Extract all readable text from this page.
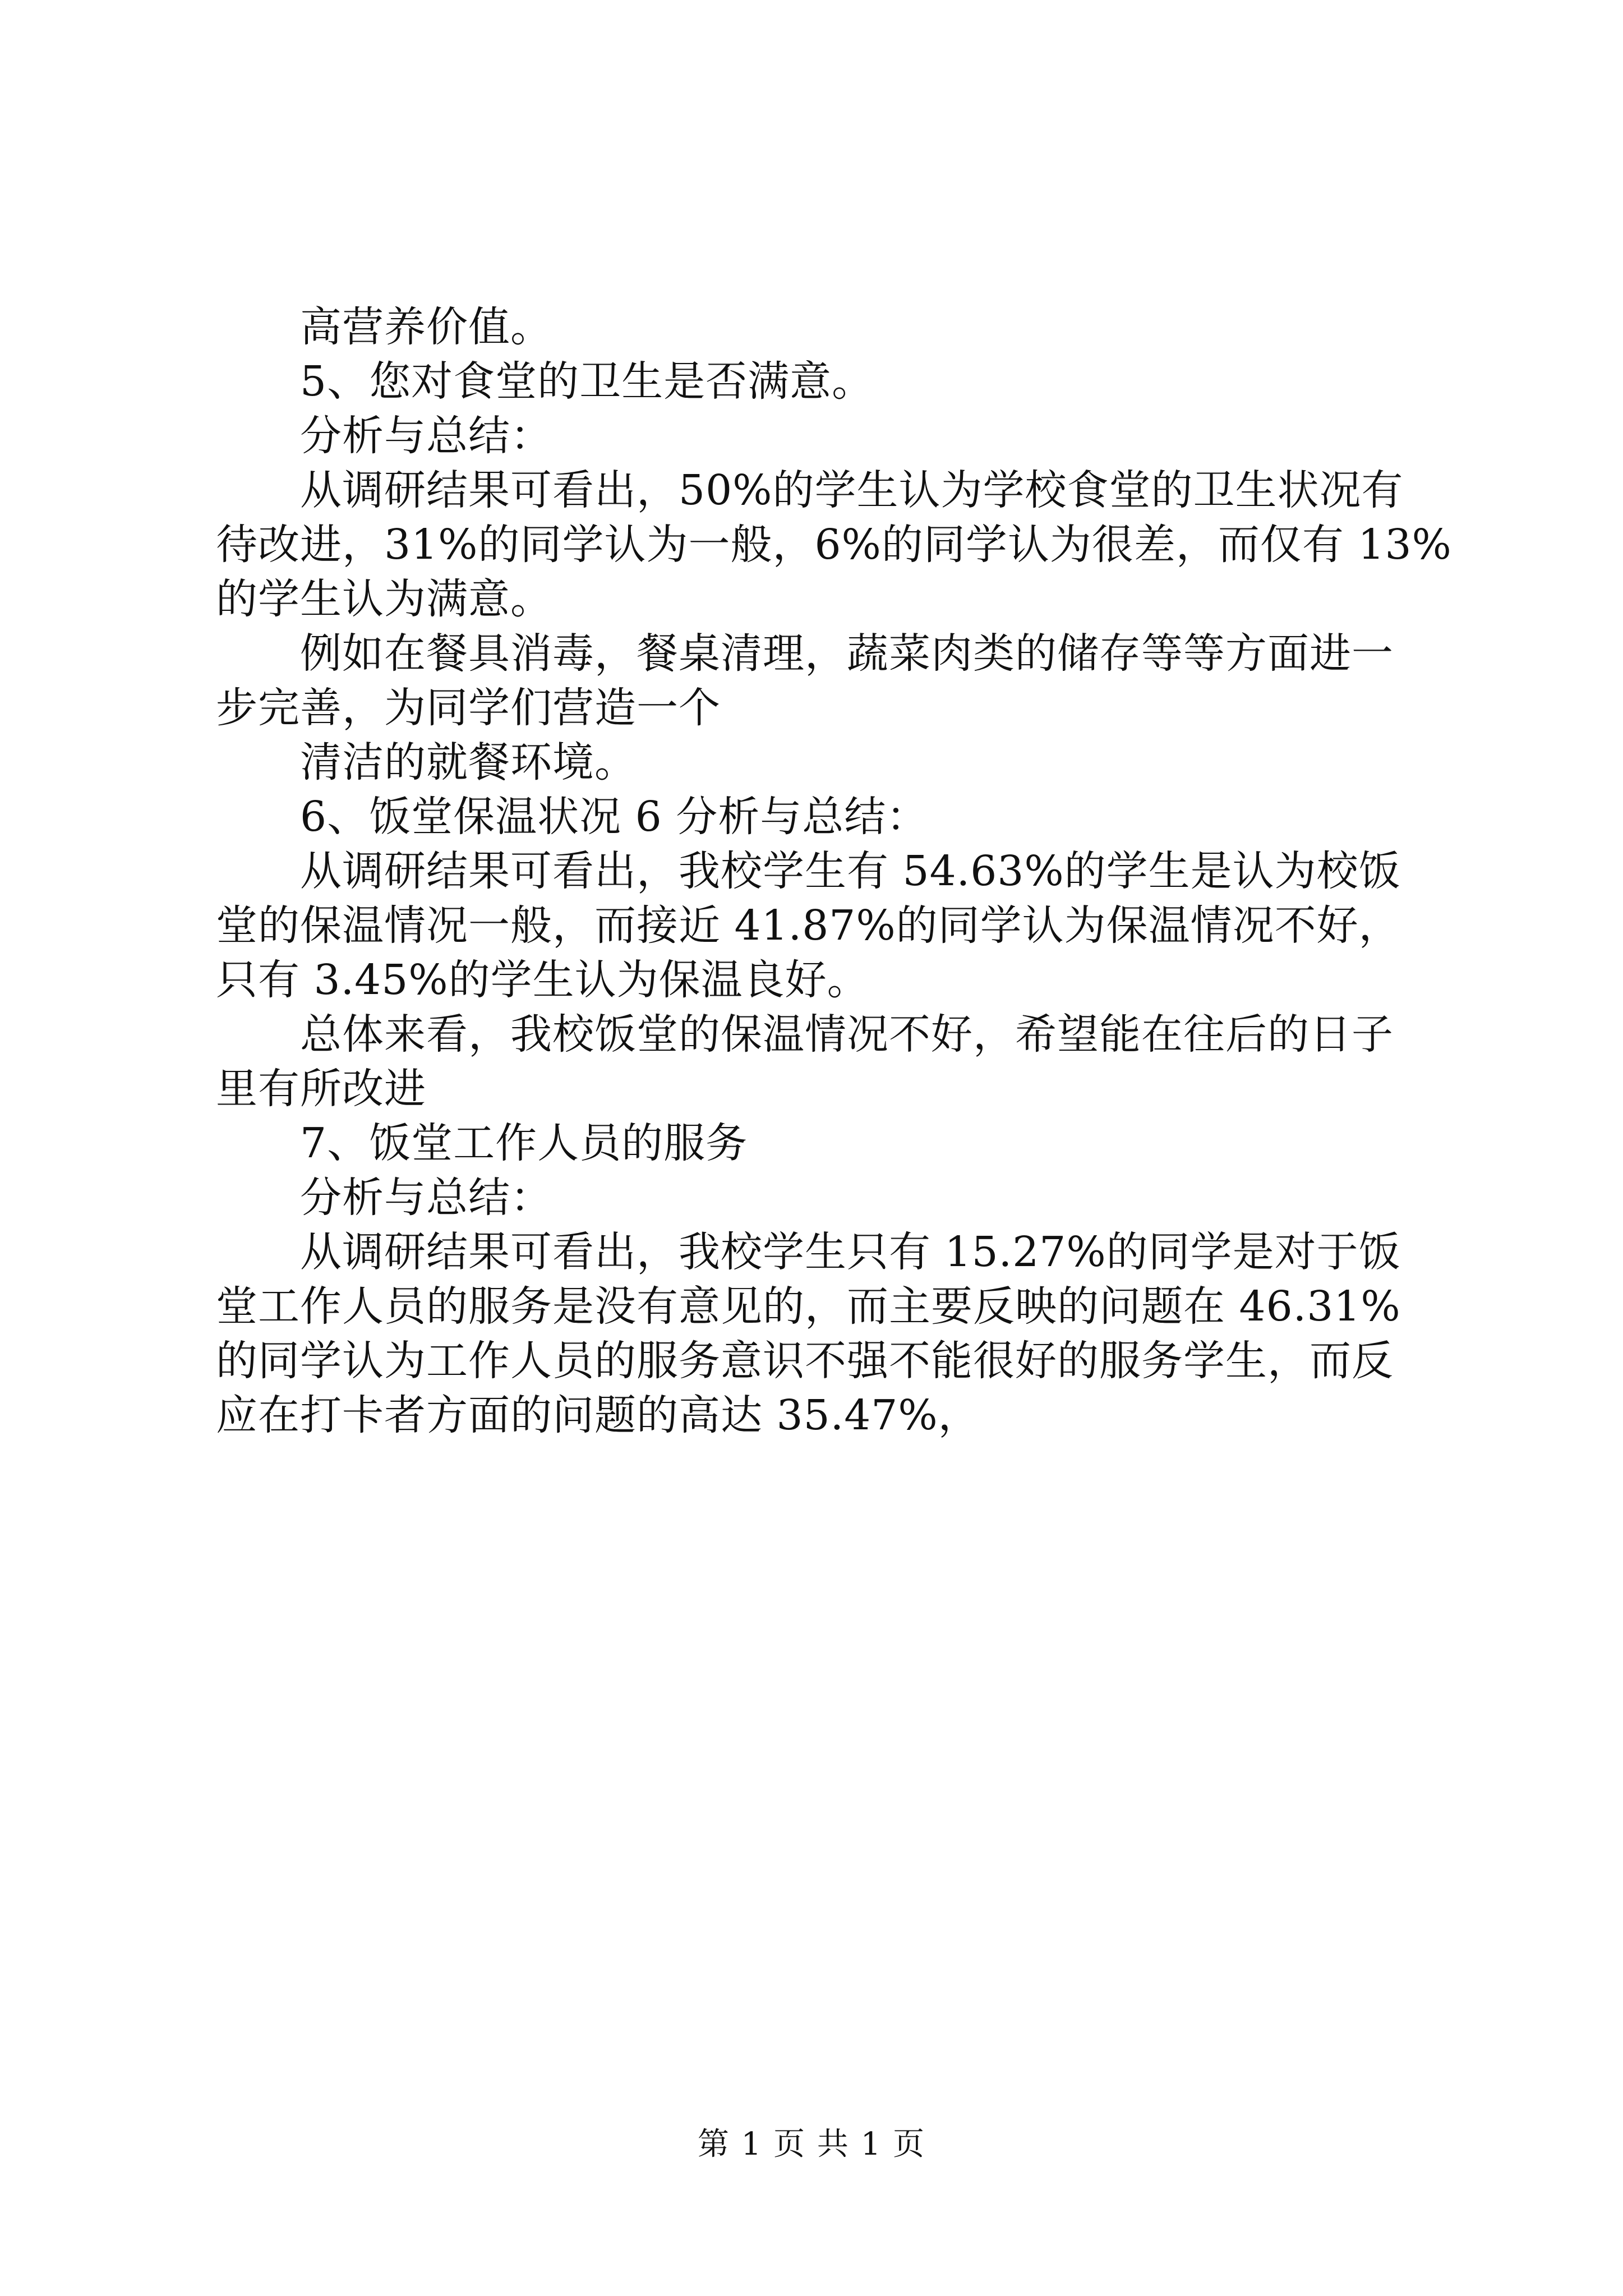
高营养价值。

5、您对食堂的卫生是否满意。

分析与总结：

从调研结果可看出，50%的学生认为学校食堂的卫生状况有

待改进，31%的同学认为一般，6%的同学认为很差，而仅有 13%

的学生认为满意。

例如在餐具消毒，餐桌清理，蔬菜肉类的储存等等方面进一

步完善，为同学们营造一个

清洁的就餐环境。

6、饭堂保温状况 6 分析与总结：

从调研结果可看出，我校学生有 54.63%的学生是认为校饭

堂的保温情况一般，而接近 41.87%的同学认为保温情况不好，

只有 3.45%的学生认为保温良好。

总体来看，我校饭堂的保温情况不好，希望能在往后的日子

里有所改进

7、饭堂工作人员的服务

分析与总结：

从调研结果可看出，我校学生只有 15.27%的同学是对于饭

堂工作人员的服务是没有意见的，而主要反映的问题在 46.31%

的同学认为工作人员的服务意识不强不能很好的服务学生，而反

应在打卡者方面的问题的高达 35.47%，

第 1 页 共 1 页
